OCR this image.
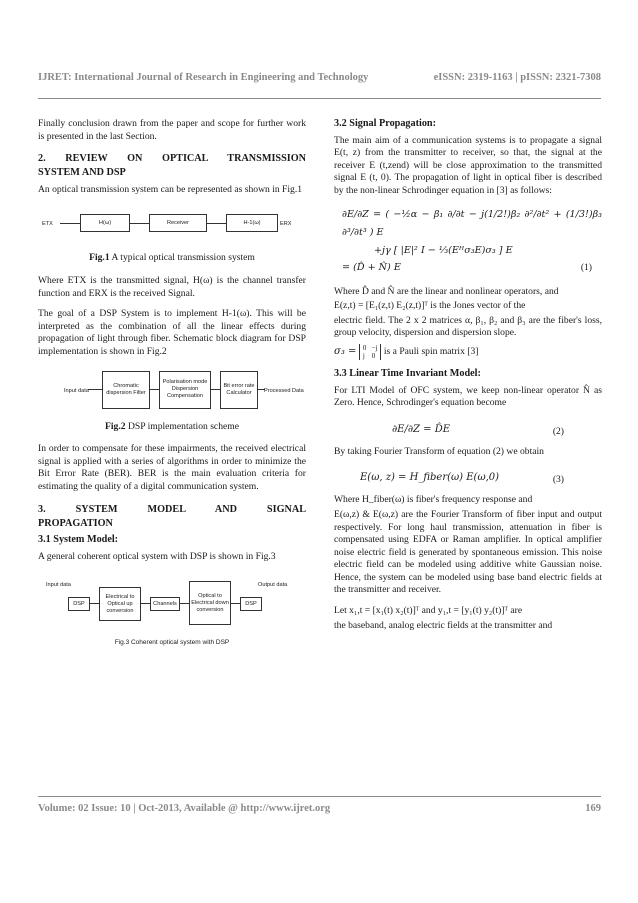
IJRET: International Journal of Research in Engineering and Technology	eISSN: 2319-1163 | pISSN: 2321-7308

Finally conclusion drawn from the paper and scope for further work is presented in the last Section.

2.    REVIEW    ON    OPTICAL    TRANSMISSION
SYSTEM AND DSP

An optical transmission system can be represented as shown in Fig.1

ETX	H(ω)	Receiver	H-1(ω)	ERX

Fig.1 A typical optical transmission system

Where ETX is the transmitted signal, H(ω) is the channel transfer function and ERX is the received Signal.

The goal of a DSP System is to implement H-1(ω). This will be interpreted as the combination of all the linear effects during propagation of light through fiber. Schematic block diagram for DSP implementation is shown in Fig.2

Input data
Chromatic dispersion Filter
Polarisation mode Dispersion Compensation
Bit error rate Calculator	Processed Data

Fig.2 DSP implementation scheme

In order to compensate for these impairments, the received electrical signal is applied with a series of algorithms in order to minimize the Bit Error Rate (BER). BER is the main evaluation criteria for estimating the quality of a digital communication system.

3.      SYSTEM      MODEL      AND      SIGNAL
PROPAGATION
3.1 System Model:

A general coherent optical system with DSP is shown in Fig.3

Input data
DSP
Electrical to Optical up conversion
Channels
Optical to Electrical down conversion
DSP
Output data

Fig.3 Coherent optical system with DSP

3.2 Signal Propagation:

The main aim of a communication systems is to propagate a signal E(t, z) from the transmitter to receiver, so that, the signal at the receiver E (t,zend) will be close approximation to the transmitted signal E (t, 0). The propagation of light in optical fiber is described by the non-linear Schrodinger equation in [3] as follows:

∂E/∂Z = ( −½α − β₁ ∂/∂t − j(1/2!)β₂ ∂²/∂t² + (1/3!)β₃ ∂³/∂t³ ) E
+jγ [ |E|² I − ⅓(Eᴴσ₃E)σ₃ ] E
= (D̂ + N̂) E	(1)

Where D̂ and N̂ are the linear and nonlinear operators, and

E(z,t) = [E₁(z,t) E₂(z,t)]ᵀ is the Jones vector of the

electric field. The 2 x 2 matrices α, β₁, β₂ and β₃ are the fiber's loss, group velocity, dispersion and dispersion slope.

σ₃ = 0   −j
j    0 is a Pauli spin matrix [3]

3.3 Linear Time Invariant Model:

For LTI Model of OFC system, we keep non-linear operator N̂ as Zero. Hence, Schrodinger's equation become

∂E/∂Z = D̂E	(2)

By taking Fourier Transform of equation (2) we obtain

E(ω, z) = H_fiber(ω) E(ω,0)	(3)

Where H_fiber(ω) is fiber's frequency response and

E(ω,z) & E(ω,z) are the Fourier Transform of fiber input and output respectively. For long haul transmission, attenuation in fiber is compensated using EDFA or Raman amplifier. In optical amplifier noise electric field is generated by spontaneous emission. This noise electric field can be modeled using additive white Gaussian noise. Hence, the system can be modeled using base band electric fields at the transmitter and receiver.

Let x₁,t = [x₁(t) x₂(t)]ᵀ and y₁,t = [y₁(t) y₂(t)]ᵀ are

the baseband, analog electric fields at the transmitter and

Volume: 02 Issue: 10 | Oct-2013, Available @ http://www.ijret.org	169
